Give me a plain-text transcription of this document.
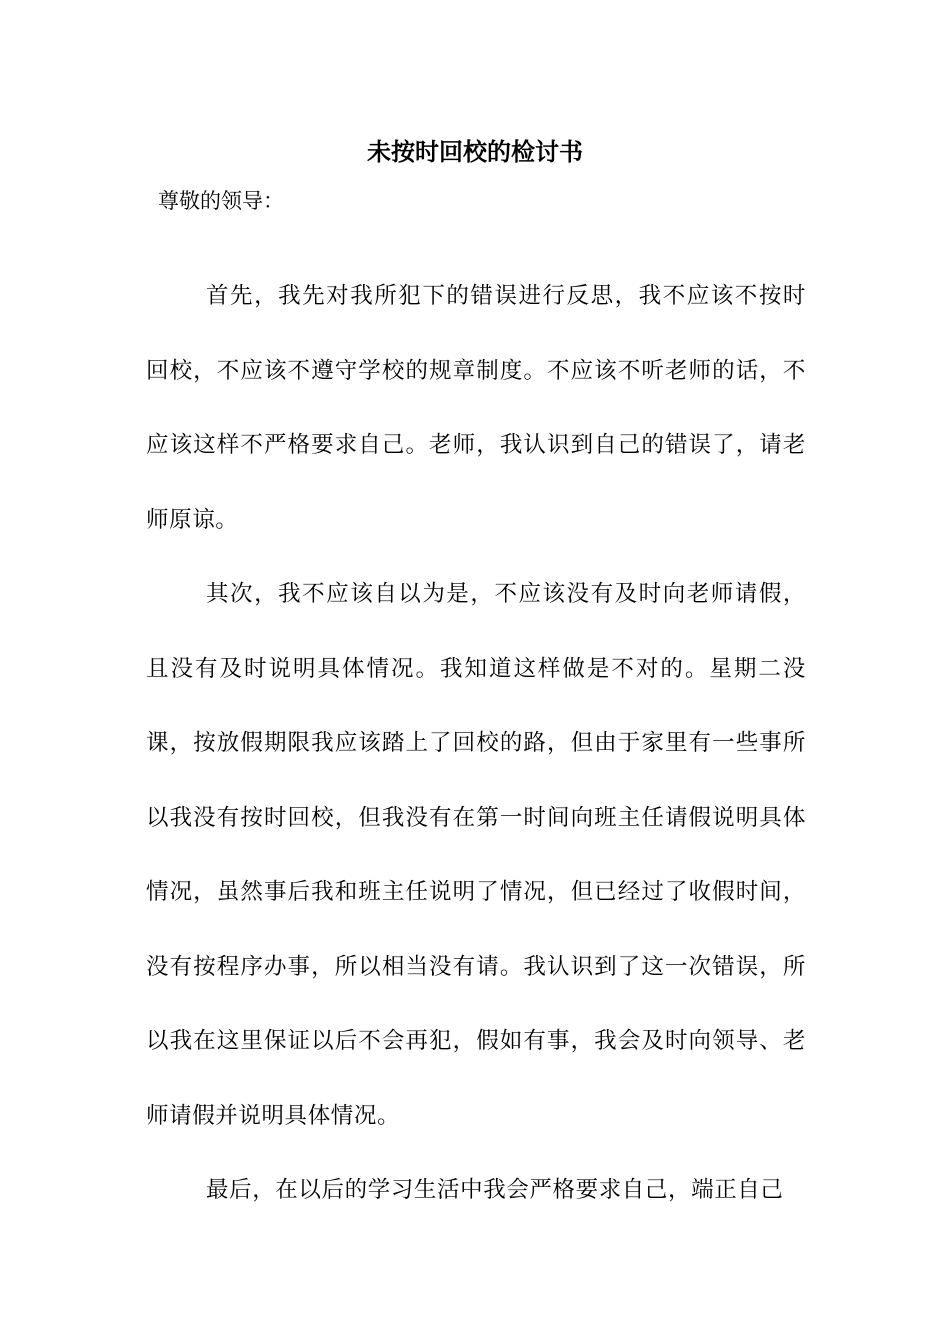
未按时回校的检讨书
尊敬的领导：

首先，我先对我所犯下的错误进行反思，我不应该不按时回校，不应该不遵守学校的规章制度。不应该不听老师的话，不应该这样不严格要求自己。老师，我认识到自己的错误了，请老师原谅。

其次，我不应该自以为是，不应该没有及时向老师请假，且没有及时说明具体情况。我知道这样做是不对的。星期二没课，按放假期限我应该踏上了回校的路，但由于家里有一些事所以我没有按时回校，但我没有在第一时间向班主任请假说明具体情况，虽然事后我和班主任说明了情况，但已经过了收假时间，没有按程序办事，所以相当没有请。我认识到了这一次错误，所以我在这里保证以后不会再犯，假如有事，我会及时向领导、老师请假并说明具体情况。

最后，在以后的学习生活中我会严格要求自己，端正自己
